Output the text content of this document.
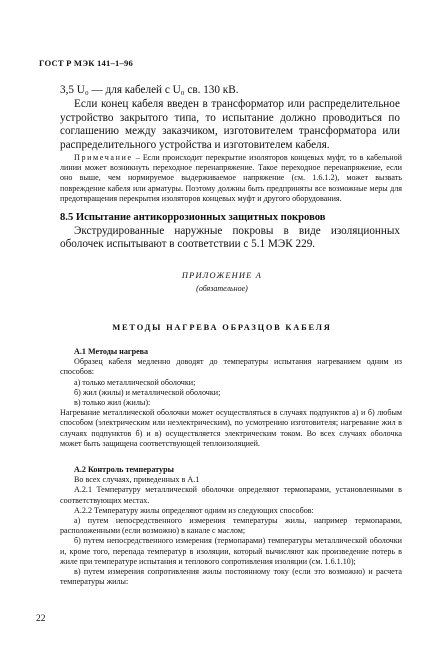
ГОСТ Р МЭК 141–1–96
3,5 U₀ — для кабелей с U₀ св. 130 кВ.
Если конец кабеля введен в трансформатор или распределительное устройство закрытого типа, то испытание должно проводиться по соглашению между заказчиком, изготовителем трансформатора или распределительного устройства и изготовителем кабеля.
Примечание – Если происходит перекрытие изоляторов концевых муфт, то в кабельной линии может возникнуть переходное перенапряжение. Такое переходное перенапряжение, если оно выше, чем нормируемое выдерживаемое напряжение (см. 1.6.1.2), может вызвать повреждение кабеля или арматуры. Поэтому должны быть предприняты все возможные меры для предотвращения перекрытия изоляторов концевых муфт и другого оборудования.
8.5 Испытание антикоррозионных защитных покровов
Экструдированные наружные покровы в виде изоляционных оболочек испытывают в соответствии с 5.1 МЭК 229.
ПРИЛОЖЕНИЕ А
(обязательное)
МЕТОДЫ НАГРЕВА ОБРАЗЦОВ КАБЕЛЯ
A.1 Методы нагрева
Образец кабеля медленно доводят до температуры испытания нагреванием одним из способов:
а) только металлической оболочки;
б) жил (жилы) и металлической оболочки;
в) только жил (жилы):
Нагревание металлической оболочки может осуществляться в случаях подпунктов а) и б) любым способом (электрическим или неэлектрическим), по усмотрению изготовителя; нагревание жил в случаях подпунктов б) и в) осуществляется электрическим током. Во всех случаях оболочка может быть защищена соответствующей теплоизоляцией.
A.2 Контроль температуры
Во всех случаях, приведенных в А.1
А.2.1 Температуру металлической оболочки определяют термопарами, установленными в соответствующих местах.
А.2.2 Температуру жилы определяют одним из следующих способов:
а) путем непосредственного измерения температуры жилы, например термопарами, расположенными (если возможно) в канале с маслом;
б) путем непосредственного измерения (термопарами) температуры металлической оболочки и, кроме того, перепада температур в изоляции, который вычисляют как произведение потерь в жиле при температуре испытания и теплового сопротивления изоляции (см. 1.6.1.10);
в) путем измерения сопротивления жилы постоянному току (если это возможно) и расчета температуры жилы:
22
